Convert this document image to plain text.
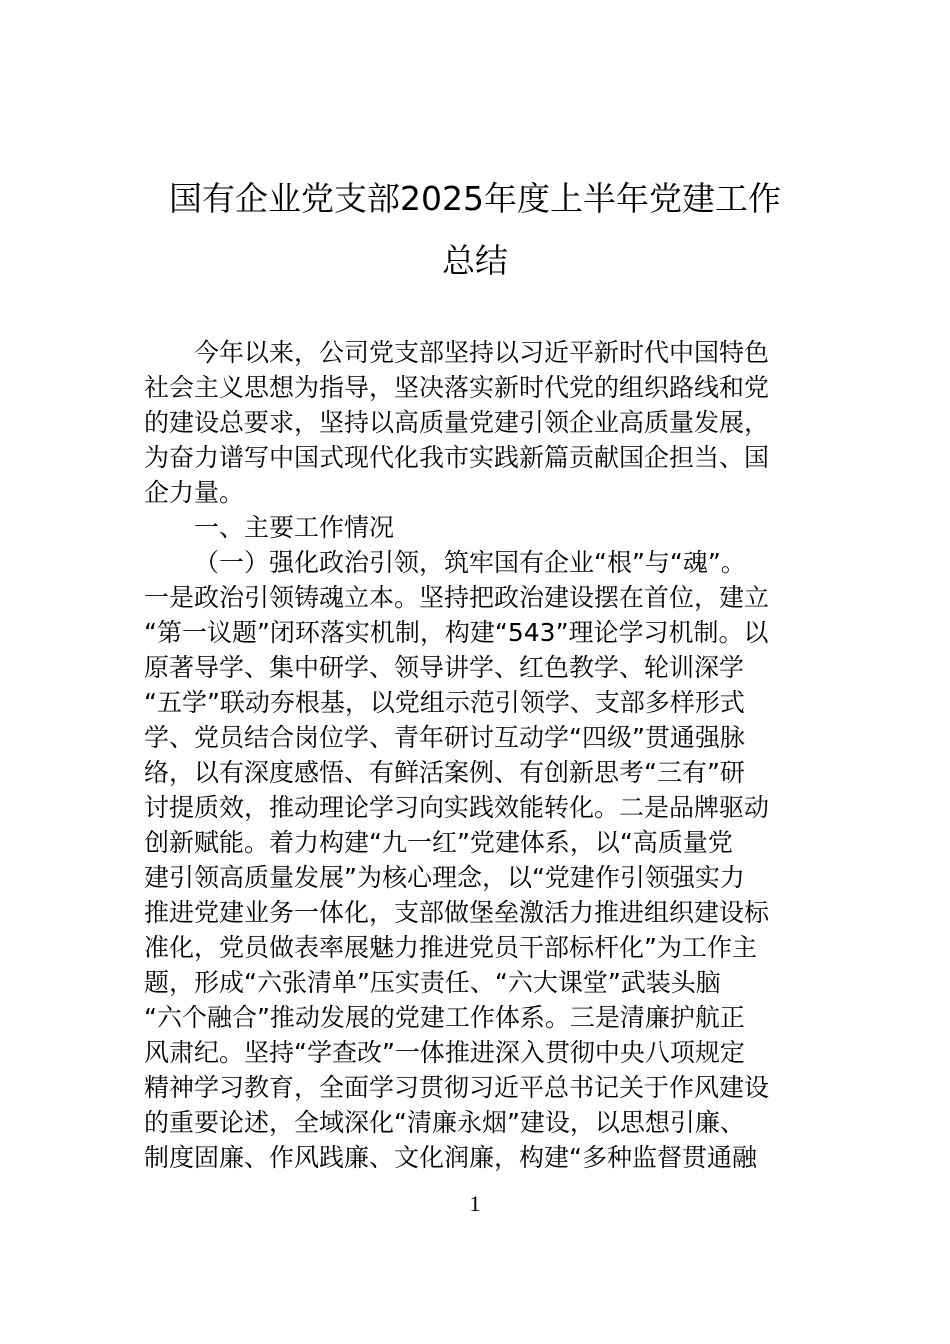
国有企业党支部2025年度上半年党建工作
总结
今年以来，公司党支部坚持以习近平新时代中国特色
社会主义思想为指导，坚决落实新时代党的组织路线和党
的建设总要求，坚持以高质量党建引领企业高质量发展，
为奋力谱写中国式现代化我市实践新篇贡献国企担当、国
企力量。
一、主要工作情况
（一）强化政治引领，筑牢国有企业“根”与“魂”。
一是政治引领铸魂立本。坚持把政治建设摆在首位，建立
“第一议题”闭环落实机制，构建“543”理论学习机制。以
原著导学、集中研学、领导讲学、红色教学、轮训深学
“五学”联动夯根基，以党组示范引领学、支部多样形式
学、党员结合岗位学、青年研讨互动学“四级”贯通强脉
络，以有深度感悟、有鲜活案例、有创新思考“三有”研
讨提质效，推动理论学习向实践效能转化。二是品牌驱动
创新赋能。着力构建“九一红”党建体系，以“高质量党
建引领高质量发展”为核心理念，以“党建作引领强实力
推进党建业务一体化，支部做堡垒激活力推进组织建设标
准化，党员做表率展魅力推进党员干部标杆化”为工作主
题，形成“六张清单”压实责任、“六大课堂”武装头脑
“六个融合”推动发展的党建工作体系。三是清廉护航正
风肃纪。坚持“学查改”一体推进深入贯彻中央八项规定
精神学习教育，全面学习贯彻习近平总书记关于作风建设
的重要论述，全域深化“清廉永烟”建设，以思想引廉、
制度固廉、作风践廉、文化润廉，构建“多种监督贯通融
1
